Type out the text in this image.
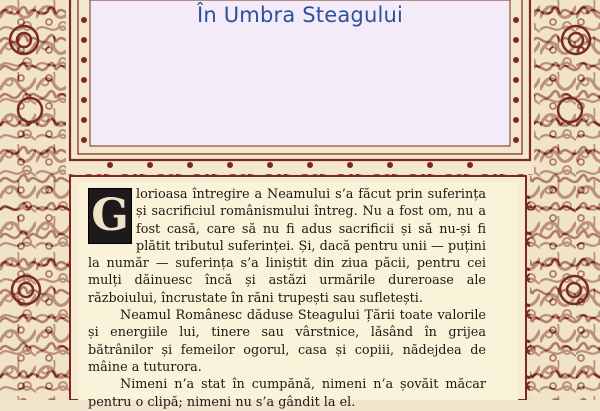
În Umbra Steagului

G lorioasa întregire a Neamului s’a făcut prin suferința și sacrificiul românismului întreg. Nu a fost om, nu a fost casă, care să nu fi adus sacrificii și să nu-și fi plătit tributul suferinței. Și, dacă pentru unii — puțini la număr — suferința s’a liniștit din ziua păcii, pentru cei mulți dăinuesc încă și astăzi urmările dureroase ale războiului, încrustate în răni trupești sau sufletești.

Neamul Românesc dăduse Steagului Țării toate valorile și energiile lui, tinere sau vârstnice, lăsând în grijea bătrânilor și femeilor ogorul, casa și copiii, nădejdea de mâine a tuturora.

Nimeni n’a stat în cumpănă, nimeni n’a șovăit măcar pentru o clipă; nimeni nu s’a gândit la el.
